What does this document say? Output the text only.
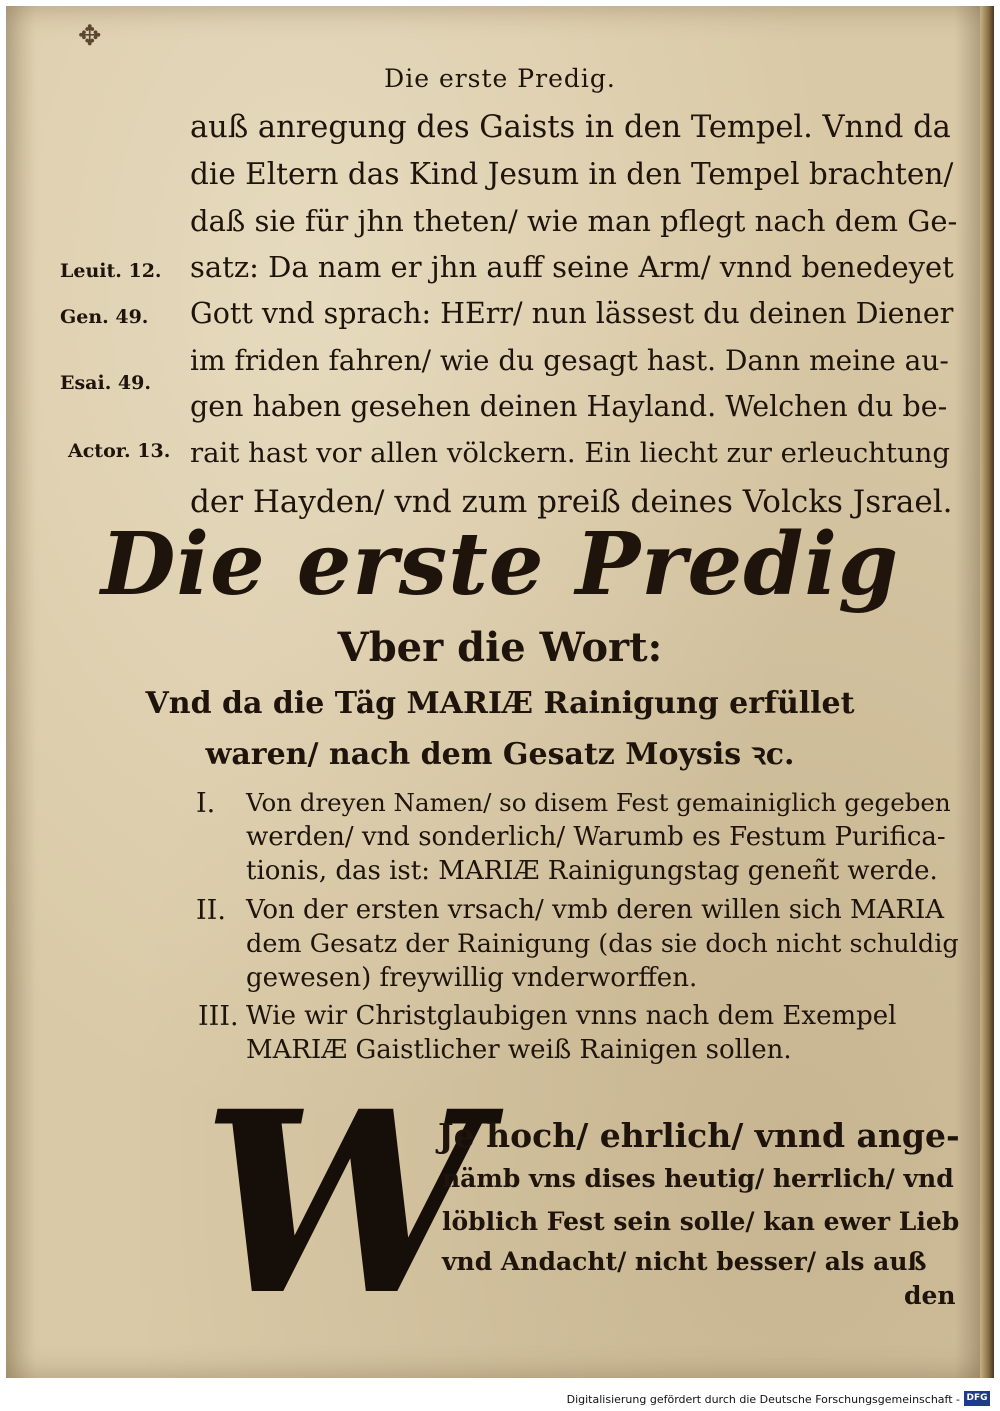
✥
Die erste Predig.
auß anregung des Gaists in den Tempel. Vnnd da
die Eltern das Kind Jesum in den Tempel brachten/
daß sie für jhn theten/ wie man pflegt nach dem Ge-
satz: Da nam er jhn auff seine Arm/ vnnd benedeyet
Gott vnd sprach: HErr/ nun lässest du deinen Diener
im friden fahren/ wie du gesagt hast. Dann meine au-
gen haben gesehen deinen Hayland. Welchen du be-
rait hast vor allen völckern. Ein liecht zur erleuchtung
der Hayden/ vnd zum preiß deines Volcks Jsrael.
Leuit. 12.
Gen. 49.
Esai. 49.
Actor. 13.
Die erste Predig
Vber die Wort:
Vnd da die Täg MARIÆ Rainigung erfüllet
waren/ nach dem Gesatz Moysis ꝛc.
I. Von dreyen Namen/ so disem Fest gemainiglich gegeben
werden/ vnd sonderlich/ Warumb es Festum Purifica-
tionis, das ist: MARIÆ Rainigungstag geneñt werde.
II. Von der ersten vrsach/ vmb deren willen sich MARIA
dem Gesatz der Rainigung (das sie doch nicht schuldig
gewesen) freywillig vnderworffen.
III. Wie wir Christglaubigen vnns nach dem Exempel
MARIÆ Gaistlicher weiß Rainigen sollen.
W
Je hoch/ ehrlich/ vnnd ange-
nämb vns dises heutig/ herrlich/ vnd
löblich Fest sein solle/ kan ewer Lieb
vnd Andacht/ nicht besser/ als auß
den
Digitalisierung gefördert durch die Deutsche Forschungsgemeinschaft - DFG
